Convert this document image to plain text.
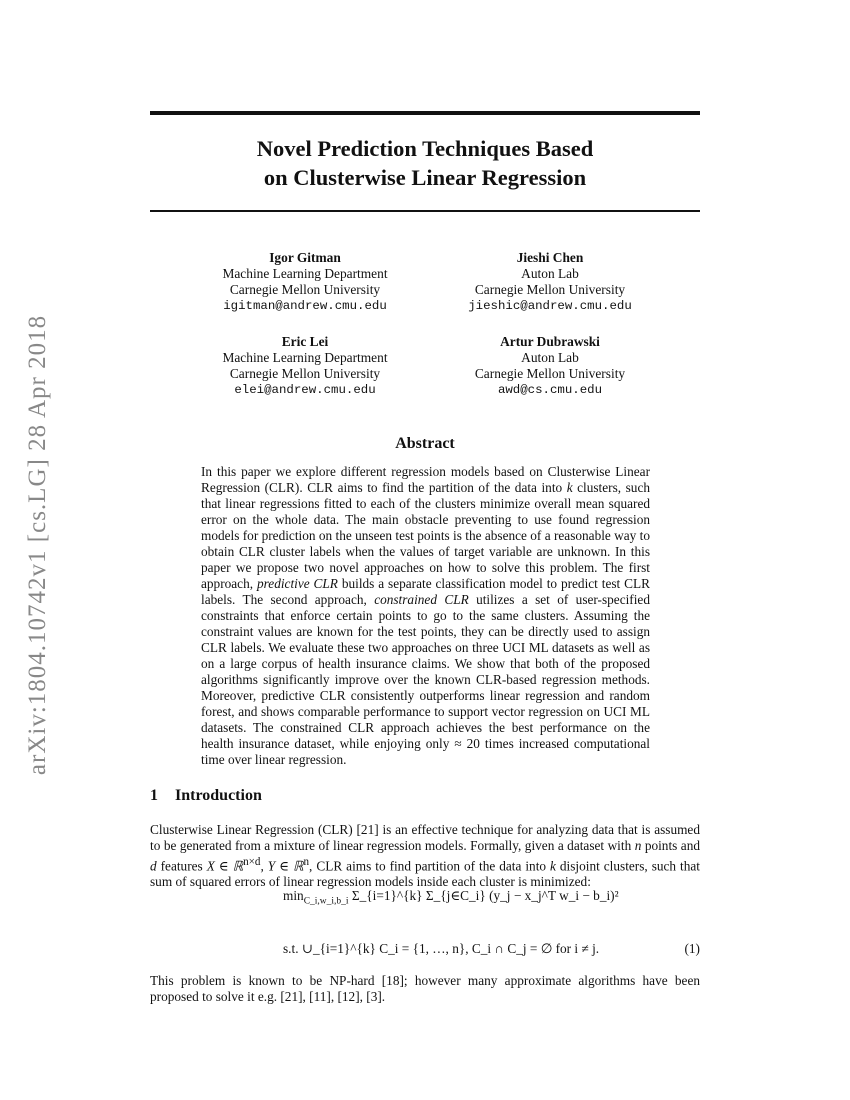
Novel Prediction Techniques Based
on Clusterwise Linear Regression
arXiv:1804.10742v1 [cs.LG] 28 Apr 2018
Igor Gitman
Machine Learning Department
Carnegie Mellon University
igitman@andrew.cmu.edu
Jieshi Chen
Auton Lab
Carnegie Mellon University
jieshic@andrew.cmu.edu
Eric Lei
Machine Learning Department
Carnegie Mellon University
elei@andrew.cmu.edu
Artur Dubrawski
Auton Lab
Carnegie Mellon University
awd@cs.cmu.edu
Abstract

In this paper we explore different regression models based on Clusterwise Linear Regression (CLR). CLR aims to find the partition of the data into k clusters, such that linear regressions fitted to each of the clusters minimize overall mean squared error on the whole data. The main obstacle preventing to use found regression models for prediction on the unseen test points is the absence of a reasonable way to obtain CLR cluster labels when the values of target variable are unknown. In this paper we propose two novel approaches on how to solve this problem. The first approach, predictive CLR builds a separate classification model to predict test CLR labels. The second approach, constrained CLR utilizes a set of user-specified constraints that enforce certain points to go to the same clusters. Assuming the constraint values are known for the test points, they can be directly used to assign CLR labels. We evaluate these two approaches on three UCI ML datasets as well as on a large corpus of health insurance claims. We show that both of the proposed algorithms significantly improve over the known CLR-based regression methods. Moreover, predictive CLR consistently outperforms linear regression and random forest, and shows comparable performance to support vector regression on UCI ML datasets. The constrained CLR approach achieves the best performance on the health insurance dataset, while enjoying only ≈ 20 times increased computational time over linear regression.

1 Introduction

Clusterwise Linear Regression (CLR) [21] is an effective technique for analyzing data that is assumed to be generated from a mixture of linear regression models. Formally, given a dataset with n points and d features X ∈ ℝ$^{n\times d}$, Y ∈ ℝ$^n$, CLR aims to find partition of the data into k disjoint clusters, such that sum of squared errors of linear regression models inside each cluster is minimized:

$\min_{C\_i,w\_i,b\_i}$ Σ_{i=1}^{k} Σ_{j∈C_i} (y_j − x_j^T w_i − b_i)²
s.t. ∪_{i=1}^{k} C_i = {1, …, n}, C_i ∩ C_j = ∅ for i ≠ j.	(1)

This problem is known to be NP-hard [18]; however many approximate algorithms have been proposed to solve it e.g. [21], [11], [12], [3].
